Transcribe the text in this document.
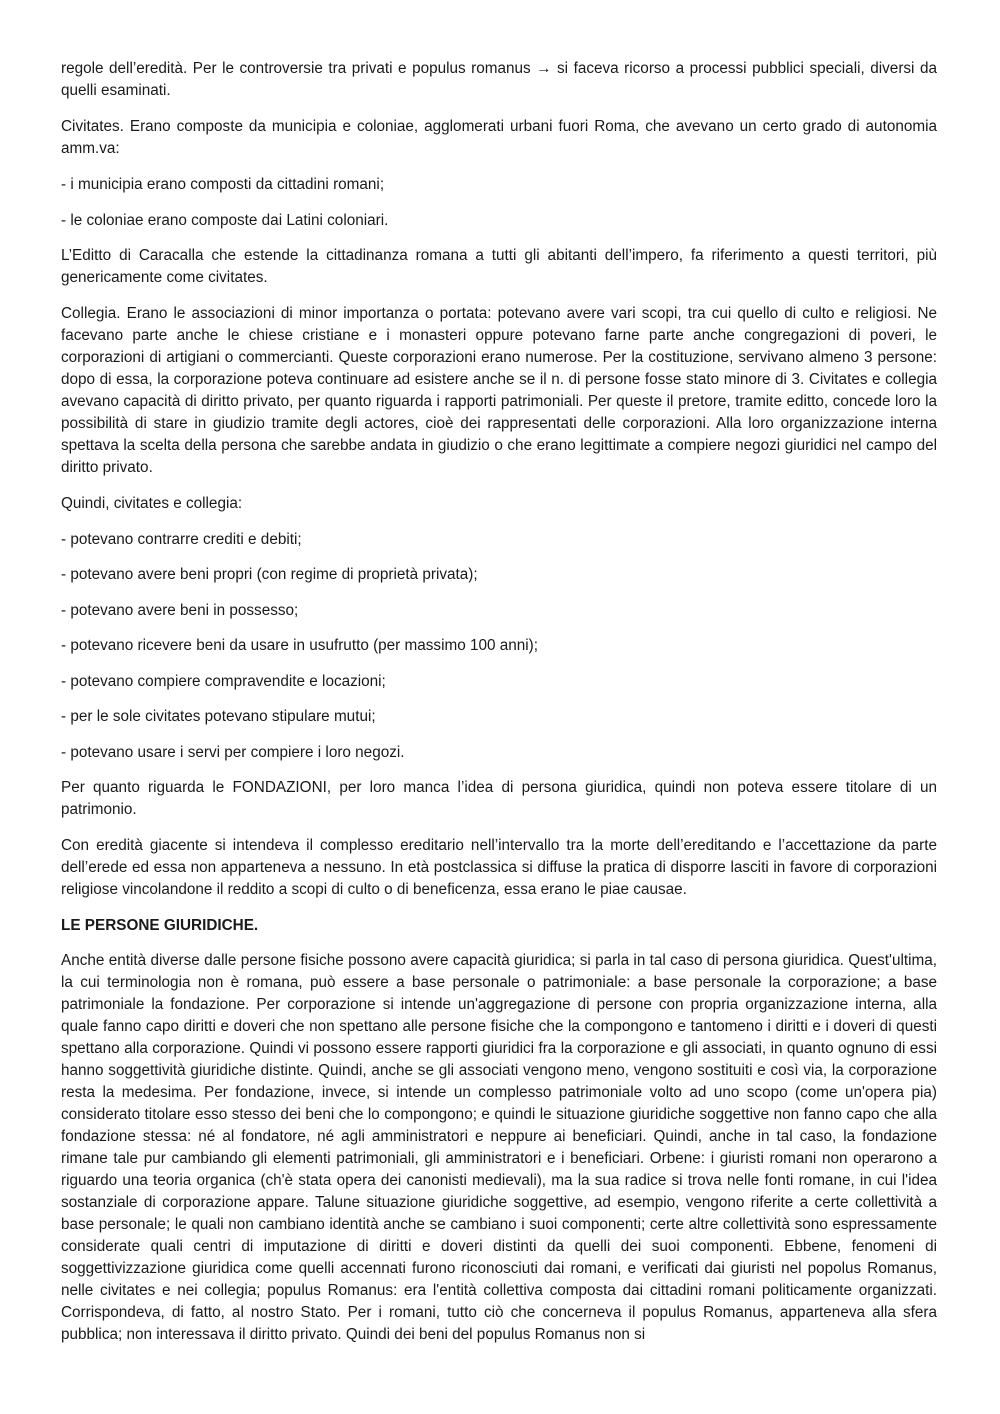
regole dell’eredità. Per le controversie tra privati e populus romanus → si faceva ricorso a processi pubblici speciali, diversi da quelli esaminati.

Civitates. Erano composte da municipia e coloniae, agglomerati urbani fuori Roma, che avevano un certo grado di autonomia amm.va:

- i municipia erano composti da cittadini romani;

- le coloniae erano composte dai Latini coloniari.

L’Editto di Caracalla che estende la cittadinanza romana a tutti gli abitanti dell’impero, fa riferimento a questi territori, più genericamente come civitates.

Collegia. Erano le associazioni di minor importanza o portata: potevano avere vari scopi, tra cui quello di culto e religiosi. Ne facevano parte anche le chiese cristiane e i monasteri oppure potevano farne parte anche congregazioni di poveri, le corporazioni di artigiani o commercianti. Queste corporazioni erano numerose. Per la costituzione, servivano almeno 3 persone: dopo di essa, la corporazione poteva continuare ad esistere anche se il n. di persone fosse stato minore di 3. Civitates e collegia avevano capacità di diritto privato, per quanto riguarda i rapporti patrimoniali. Per queste il pretore, tramite editto, concede loro la possibilità di stare in giudizio tramite degli actores, cioè dei rappresentati delle corporazioni. Alla loro organizzazione interna spettava la scelta della persona che sarebbe andata in giudizio o che erano legittimate a compiere negozi giuridici nel campo del diritto privato.

Quindi, civitates e collegia:

- potevano contrarre crediti e debiti;

- potevano avere beni propri (con regime di proprietà privata);

- potevano avere beni in possesso;

- potevano ricevere beni da usare in usufrutto (per massimo 100 anni);

- potevano compiere compravendite e locazioni;

- per le sole civitates potevano stipulare mutui;

- potevano usare i servi per compiere i loro negozi.

Per quanto riguarda le FONDAZIONI, per loro manca l’idea di persona giuridica, quindi non poteva essere titolare di un patrimonio.

Con eredità giacente si intendeva il complesso ereditario nell’intervallo tra la morte dell’ereditando e l’accettazione da parte dell’erede ed essa non apparteneva a nessuno. In età postclassica si diffuse la pratica di disporre lasciti in favore di corporazioni religiose vincolandone il reddito a scopi di culto o di beneficenza, essa erano le piae causae.

LE PERSONE GIURIDICHE.

Anche entità diverse dalle persone fisiche possono avere capacità giuridica; si parla in tal caso di persona giuridica. Quest'ultima, la cui terminologia non è romana, può essere a base personale o patrimoniale: a base personale la corporazione; a base patrimoniale la fondazione. Per corporazione si intende un'aggregazione di persone con propria organizzazione interna, alla quale fanno capo diritti e doveri che non spettano alle persone fisiche che la compongono e tantomeno i diritti e i doveri di questi spettano alla corporazione. Quindi vi possono essere rapporti giuridici fra la corporazione e gli associati, in quanto ognuno di essi hanno soggettività giuridiche distinte. Quindi, anche se gli associati vengono meno, vengono sostituiti e così via, la corporazione resta la medesima. Per fondazione, invece, si intende un complesso patrimoniale volto ad uno scopo (come un'opera pia) considerato titolare esso stesso dei beni che lo compongono; e quindi le situazione giuridiche soggettive non fanno capo che alla fondazione stessa: né al fondatore, né agli amministratori e neppure ai beneficiari. Quindi, anche in tal caso, la fondazione rimane tale pur cambiando gli elementi patrimoniali, gli amministratori e i beneficiari. Orbene: i giuristi romani non operarono a riguardo una teoria organica (ch'è stata opera dei canonisti medievali), ma la sua radice si trova nelle fonti romane, in cui l'idea sostanziale di corporazione appare. Talune situazione giuridiche soggettive, ad esempio, vengono riferite a certe collettività a base personale; le quali non cambiano identità anche se cambiano i suoi componenti; certe altre collettività sono espressamente considerate quali centri di imputazione di diritti e doveri distinti da quelli dei suoi componenti. Ebbene, fenomeni di soggettivizzazione giuridica come quelli accennati furono riconosciuti dai romani, e verificati dai giuristi nel popolus Romanus, nelle civitates e nei collegia; populus Romanus: era l'entità collettiva composta dai cittadini romani politicamente organizzati. Corrispondeva, di fatto, al nostro Stato. Per i romani, tutto ciò che concerneva il populus Romanus, apparteneva alla sfera pubblica; non interessava il diritto privato. Quindi dei beni del populus Romanus non si
